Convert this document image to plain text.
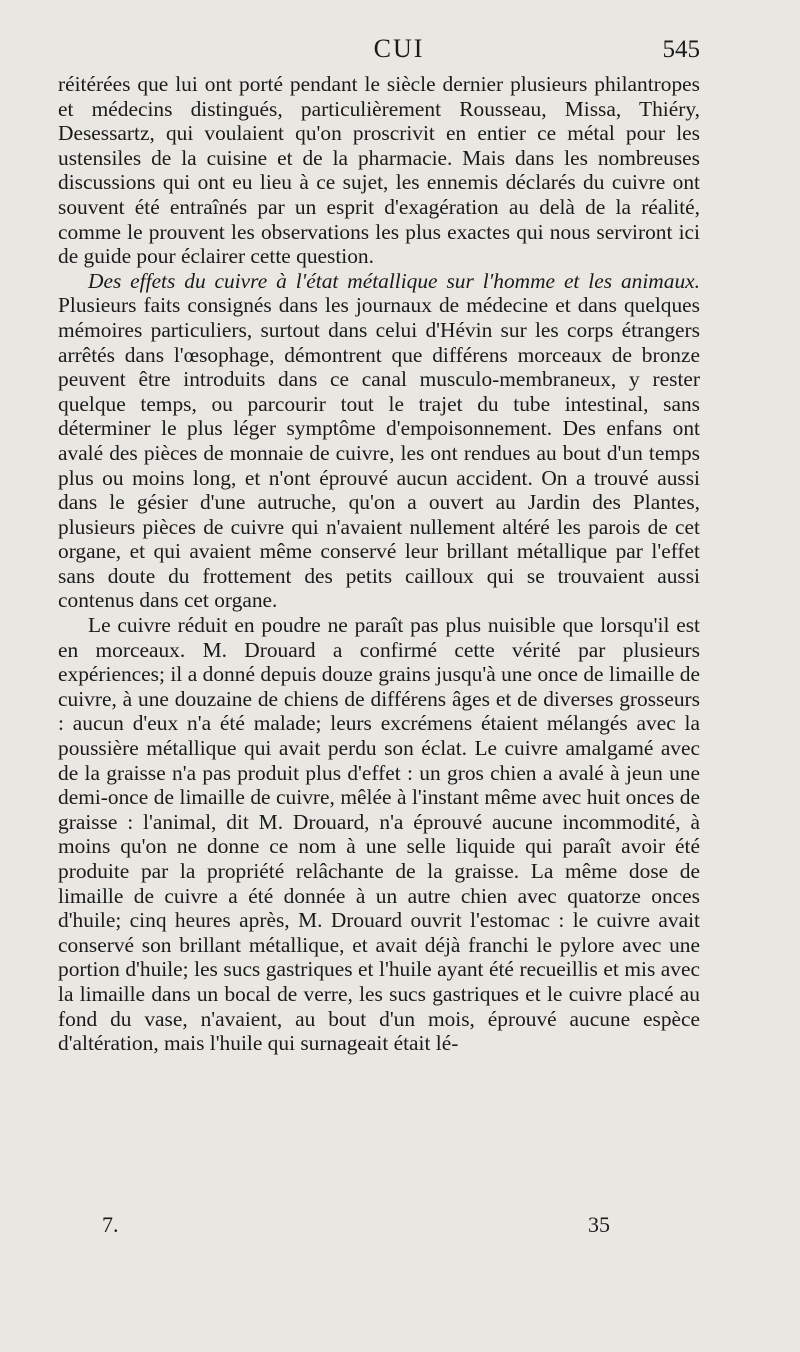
CUI	545

réitérées que lui ont porté pendant le siècle dernier plusieurs philantropes et médecins distingués, particulièrement Rousseau, Missa, Thiéry, Desessartz, qui voulaient qu'on proscrivit en entier ce métal pour les ustensiles de la cuisine et de la pharmacie. Mais dans les nombreuses discussions qui ont eu lieu à ce sujet, les ennemis déclarés du cuivre ont souvent été entraînés par un esprit d'exagération au delà de la réalité, comme le prouvent les observations les plus exactes qui nous serviront ici de guide pour éclairer cette question.

Des effets du cuivre à l'état métallique sur l'homme et les animaux. Plusieurs faits consignés dans les journaux de médecine et dans quelques mémoires particuliers, surtout dans celui d'Hévin sur les corps étrangers arrêtés dans l'œsophage, démontrent que différens morceaux de bronze peuvent être introduits dans ce canal musculo-membraneux, y rester quelque temps, ou parcourir tout le trajet du tube intestinal, sans déterminer le plus léger symptôme d'empoisonnement. Des enfans ont avalé des pièces de monnaie de cuivre, les ont rendues au bout d'un temps plus ou moins long, et n'ont éprouvé aucun accident. On a trouvé aussi dans le gésier d'une autruche, qu'on a ouvert au Jardin des Plantes, plusieurs pièces de cuivre qui n'avaient nullement altéré les parois de cet organe, et qui avaient même conservé leur brillant métallique par l'effet sans doute du frottement des petits cailloux qui se trouvaient aussi contenus dans cet organe.

Le cuivre réduit en poudre ne paraît pas plus nuisible que lorsqu'il est en morceaux. M. Drouard a confirmé cette vérité par plusieurs expériences; il a donné depuis douze grains jusqu'à une once de limaille de cuivre, à une douzaine de chiens de différens âges et de diverses grosseurs : aucun d'eux n'a été malade; leurs excrémens étaient mélangés avec la poussière métallique qui avait perdu son éclat. Le cuivre amalgamé avec de la graisse n'a pas produit plus d'effet : un gros chien a avalé à jeun une demi-once de limaille de cuivre, mêlée à l'instant même avec huit onces de graisse : l'animal, dit M. Drouard, n'a éprouvé aucune incommodité, à moins qu'on ne donne ce nom à une selle liquide qui paraît avoir été produite par la propriété relâchante de la graisse. La même dose de limaille de cuivre a été donnée à un autre chien avec quatorze onces d'huile; cinq heures après, M. Drouard ouvrit l'estomac : le cuivre avait conservé son brillant métallique, et avait déjà franchi le pylore avec une portion d'huile; les sucs gastriques et l'huile ayant été recueillis et mis avec la limaille dans un bocal de verre, les sucs gastriques et le cuivre placé au fond du vase, n'avaient, au bout d'un mois, éprouvé aucune espèce d'altération, mais l'huile qui surnageait était lé-

7.	35
